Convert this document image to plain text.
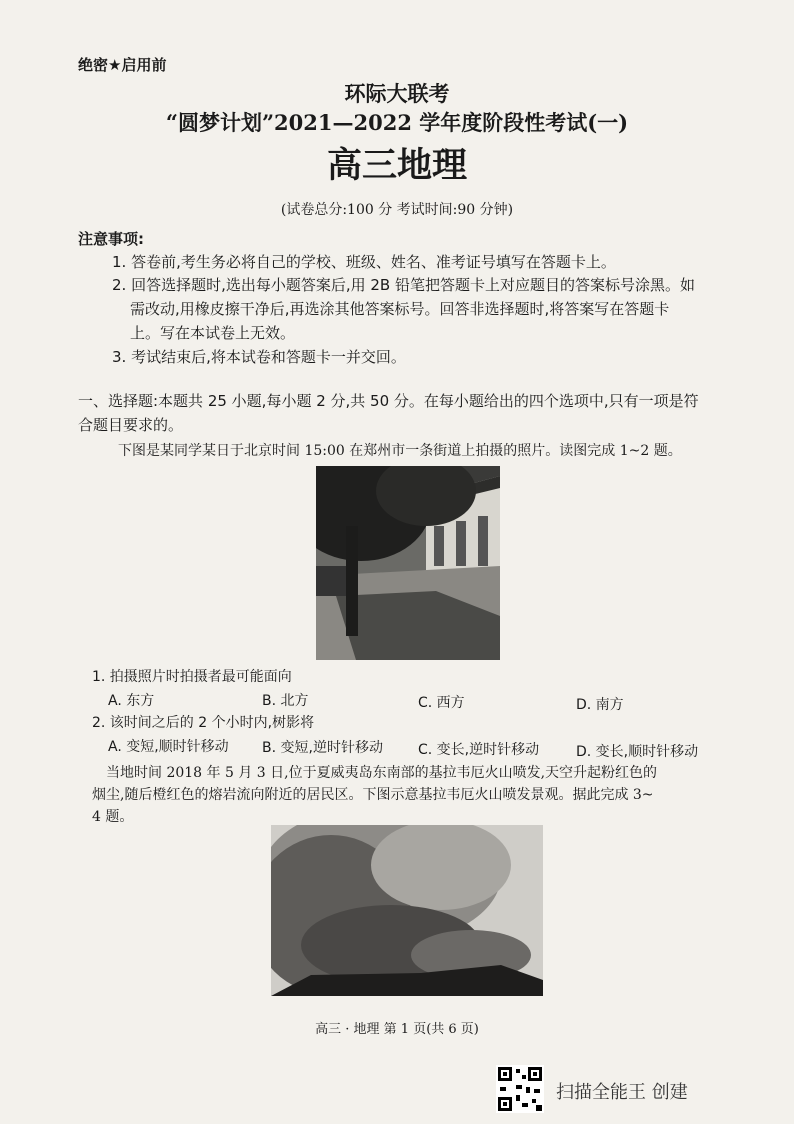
绝密★启用前
环际大联考
“圆梦计划”2021—2022 学年度阶段性考试(一)
高三地理
(试卷总分:100 分 考试时间:90 分钟)
注意事项:
1. 答卷前,考生务必将自己的学校、班级、姓名、准考证号填写在答题卡上。
2. 回答选择题时,选出每小题答案后,用 2B 铅笔把答题卡上对应题目的答案标号涂黑。如
需改动,用橡皮擦干净后,再选涂其他答案标号。回答非选择题时,将答案写在答题卡
上。写在本试卷上无效。
3. 考试结束后,将本试卷和答题卡一并交回。
一、选择题:本题共 25 小题,每小题 2 分,共 50 分。在每小题给出的四个选项中,只有一项是符
合题目要求的。
下图是某同学某日于北京时间 15:00 在郑州市一条街道上拍摄的照片。读图完成 1~2 题。
1. 拍摄照片时拍摄者最可能面向
A. 东方	B. 北方	C. 西方	D. 南方
2. 该时间之后的 2 个小时内,树影将
A. 变短,顺时针移动 B. 变短,逆时针移动	C. 变长,逆时针移动	D. 变长,顺时针移动
当地时间 2018 年 5 月 3 日,位于夏威夷岛东南部的基拉韦厄火山喷发,天空升起粉红色的
烟尘,随后橙红色的熔岩流向附近的居民区。下图示意基拉韦厄火山喷发景观。据此完成 3~
4 题。
高三 · 地理 第 1 页(共 6 页)
扫描全能王 创建
